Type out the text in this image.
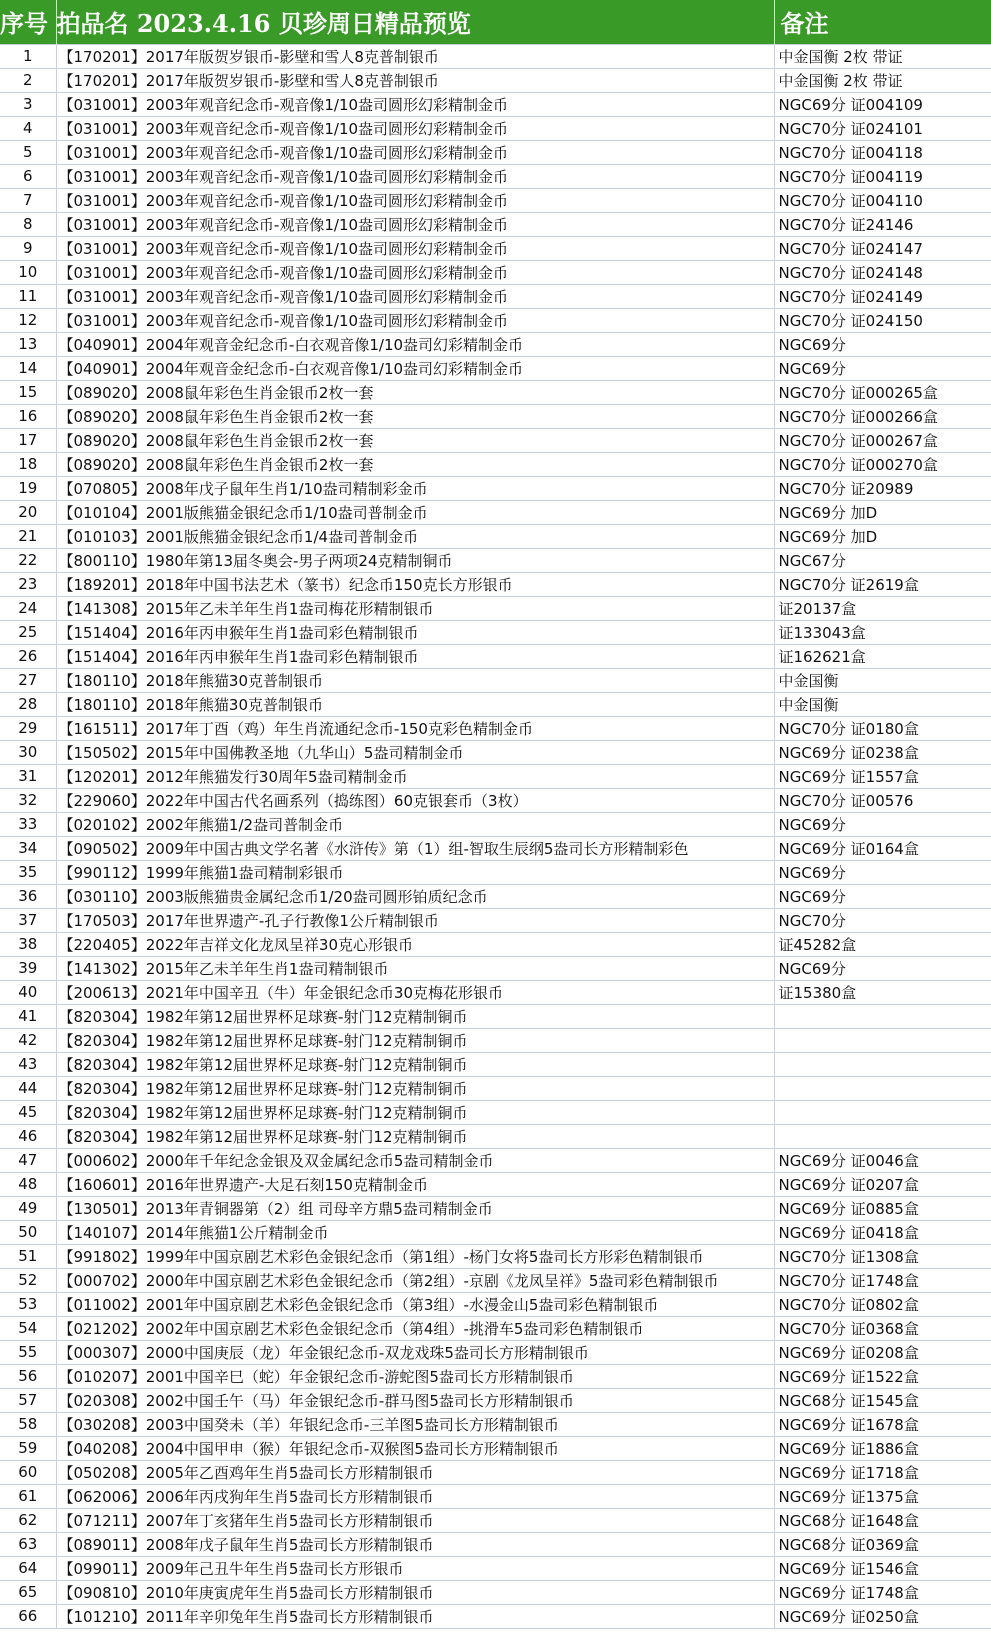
序号	拍品名 2023.4.16 贝珍周日精品预览	备注
1	【170201】2017年版贺岁银币-影壁和雪人8克普制银币	中金国衡 2枚 带证
2	【170201】2017年版贺岁银币-影壁和雪人8克普制银币	中金国衡 2枚 带证
3	【031001】2003年观音纪念币-观音像1/10盎司圆形幻彩精制金币	NGC69分 证004109
4	【031001】2003年观音纪念币-观音像1/10盎司圆形幻彩精制金币	NGC70分 证024101
5	【031001】2003年观音纪念币-观音像1/10盎司圆形幻彩精制金币	NGC70分 证004118
6	【031001】2003年观音纪念币-观音像1/10盎司圆形幻彩精制金币	NGC70分 证004119
7	【031001】2003年观音纪念币-观音像1/10盎司圆形幻彩精制金币	NGC70分 证004110
8	【031001】2003年观音纪念币-观音像1/10盎司圆形幻彩精制金币	NGC70分 证24146
9	【031001】2003年观音纪念币-观音像1/10盎司圆形幻彩精制金币	NGC70分 证024147
10	【031001】2003年观音纪念币-观音像1/10盎司圆形幻彩精制金币	NGC70分 证024148
11	【031001】2003年观音纪念币-观音像1/10盎司圆形幻彩精制金币	NGC70分 证024149
12	【031001】2003年观音纪念币-观音像1/10盎司圆形幻彩精制金币	NGC70分 证024150
13	【040901】2004年观音金纪念币-白衣观音像1/10盎司幻彩精制金币	NGC69分
14	【040901】2004年观音金纪念币-白衣观音像1/10盎司幻彩精制金币	NGC69分
15	【089020】2008鼠年彩色生肖金银币2枚一套	NGC70分 证000265盒
16	【089020】2008鼠年彩色生肖金银币2枚一套	NGC70分 证000266盒
17	【089020】2008鼠年彩色生肖金银币2枚一套	NGC70分 证000267盒
18	【089020】2008鼠年彩色生肖金银币2枚一套	NGC70分 证000270盒
19	【070805】2008年戊子鼠年生肖1/10盎司精制彩金币	NGC70分 证20989
20	【010104】2001版熊猫金银纪念币1/10盎司普制金币	NGC69分 加D
21	【010103】2001版熊猫金银纪念币1/4盎司普制金币	NGC69分 加D
22	【800110】1980年第13届冬奥会-男子两项24克精制铜币	NGC67分
23	【189201】2018年中国书法艺术（篆书）纪念币150克长方形银币	NGC70分 证2619盒
24	【141308】2015年乙未羊年生肖1盎司梅花形精制银币	证20137盒
25	【151404】2016年丙申猴年生肖1盎司彩色精制银币	证133043盒
26	【151404】2016年丙申猴年生肖1盎司彩色精制银币	证162621盒
27	【180110】2018年熊猫30克普制银币	中金国衡
28	【180110】2018年熊猫30克普制银币	中金国衡
29	【161511】2017年丁酉（鸡）年生肖流通纪念币-150克彩色精制金币	NGC70分 证0180盒
30	【150502】2015年中国佛教圣地（九华山）5盎司精制金币	NGC69分 证0238盒
31	【120201】2012年熊猫发行30周年5盎司精制金币	NGC69分 证1557盒
32	【229060】2022年中国古代名画系列（捣练图）60克银套币（3枚）	NGC70分 证00576
33	【020102】2002年熊猫1/2盎司普制金币	NGC69分
34	【090502】2009年中国古典文学名著《水浒传》第（1）组-智取生辰纲5盎司长方形精制彩色	NGC69分 证0164盒
35	【990112】1999年熊猫1盎司精制彩银币	NGC69分
36	【030110】2003版熊猫贵金属纪念币1/20盎司圆形铂质纪念币	NGC69分
37	【170503】2017年世界遗产-孔子行教像1公斤精制银币	NGC70分
38	【220405】2022年吉祥文化龙凤呈祥30克心形银币	证45282盒
39	【141302】2015年乙未羊年生肖1盎司精制银币	NGC69分
40	【200613】2021年中国辛丑（牛）年金银纪念币30克梅花形银币	证15380盒
41	【820304】1982年第12届世界杯足球赛-射门12克精制铜币	
42	【820304】1982年第12届世界杯足球赛-射门12克精制铜币	
43	【820304】1982年第12届世界杯足球赛-射门12克精制铜币	
44	【820304】1982年第12届世界杯足球赛-射门12克精制铜币	
45	【820304】1982年第12届世界杯足球赛-射门12克精制铜币	
46	【820304】1982年第12届世界杯足球赛-射门12克精制铜币	
47	【000602】2000年千年纪念金银及双金属纪念币5盎司精制金币	NGC69分 证0046盒
48	【160601】2016年世界遗产-大足石刻150克精制金币	NGC69分 证0207盒
49	【130501】2013年青铜器第（2）组 司母辛方鼎5盎司精制金币	NGC69分 证0885盒
50	【140107】2014年熊猫1公斤精制金币	NGC69分 证0418盒
51	【991802】1999年中国京剧艺术彩色金银纪念币（第1组）-杨门女将5盎司长方形彩色精制银币	NGC70分 证1308盒
52	【000702】2000年中国京剧艺术彩色金银纪念币（第2组）-京剧《龙凤呈祥》5盎司彩色精制银币	NGC70分 证1748盒
53	【011002】2001年中国京剧艺术彩色金银纪念币（第3组）-水漫金山5盎司彩色精制银币	NGC70分 证0802盒
54	【021202】2002年中国京剧艺术彩色金银纪念币（第4组）-挑滑车5盎司彩色精制银币	NGC70分 证0368盒
55	【000307】2000中国庚辰（龙）年金银纪念币-双龙戏珠5盎司长方形精制银币	NGC69分 证0208盒
56	【010207】2001中国辛巳（蛇）年金银纪念币-游蛇图5盎司长方形精制银币	NGC69分 证1522盒
57	【020308】2002中国壬午（马）年金银纪念币-群马图5盎司长方形精制银币	NGC68分 证1545盒
58	【030208】2003中国癸未（羊）年银纪念币-三羊图5盎司长方形精制银币	NGC69分 证1678盒
59	【040208】2004中国甲申（猴）年银纪念币-双猴图5盎司长方形精制银币	NGC69分 证1886盒
60	【050208】2005年乙酉鸡年生肖5盎司长方形精制银币	NGC69分 证1718盒
61	【062006】2006年丙戌狗年生肖5盎司长方形精制银币	NGC69分 证1375盒
62	【071211】2007年丁亥猪年生肖5盎司长方形精制银币	NGC68分 证1648盒
63	【089011】2008年戊子鼠年生肖5盎司长方形精制银币	NGC68分 证0369盒
64	【099011】2009年己丑牛年生肖5盎司长方形银币	NGC69分 证1546盒
65	【090810】2010年庚寅虎年生肖5盎司长方形精制银币	NGC69分 证1748盒
66	【101210】2011年辛卯兔年生肖5盎司长方形精制银币	NGC69分 证0250盒
